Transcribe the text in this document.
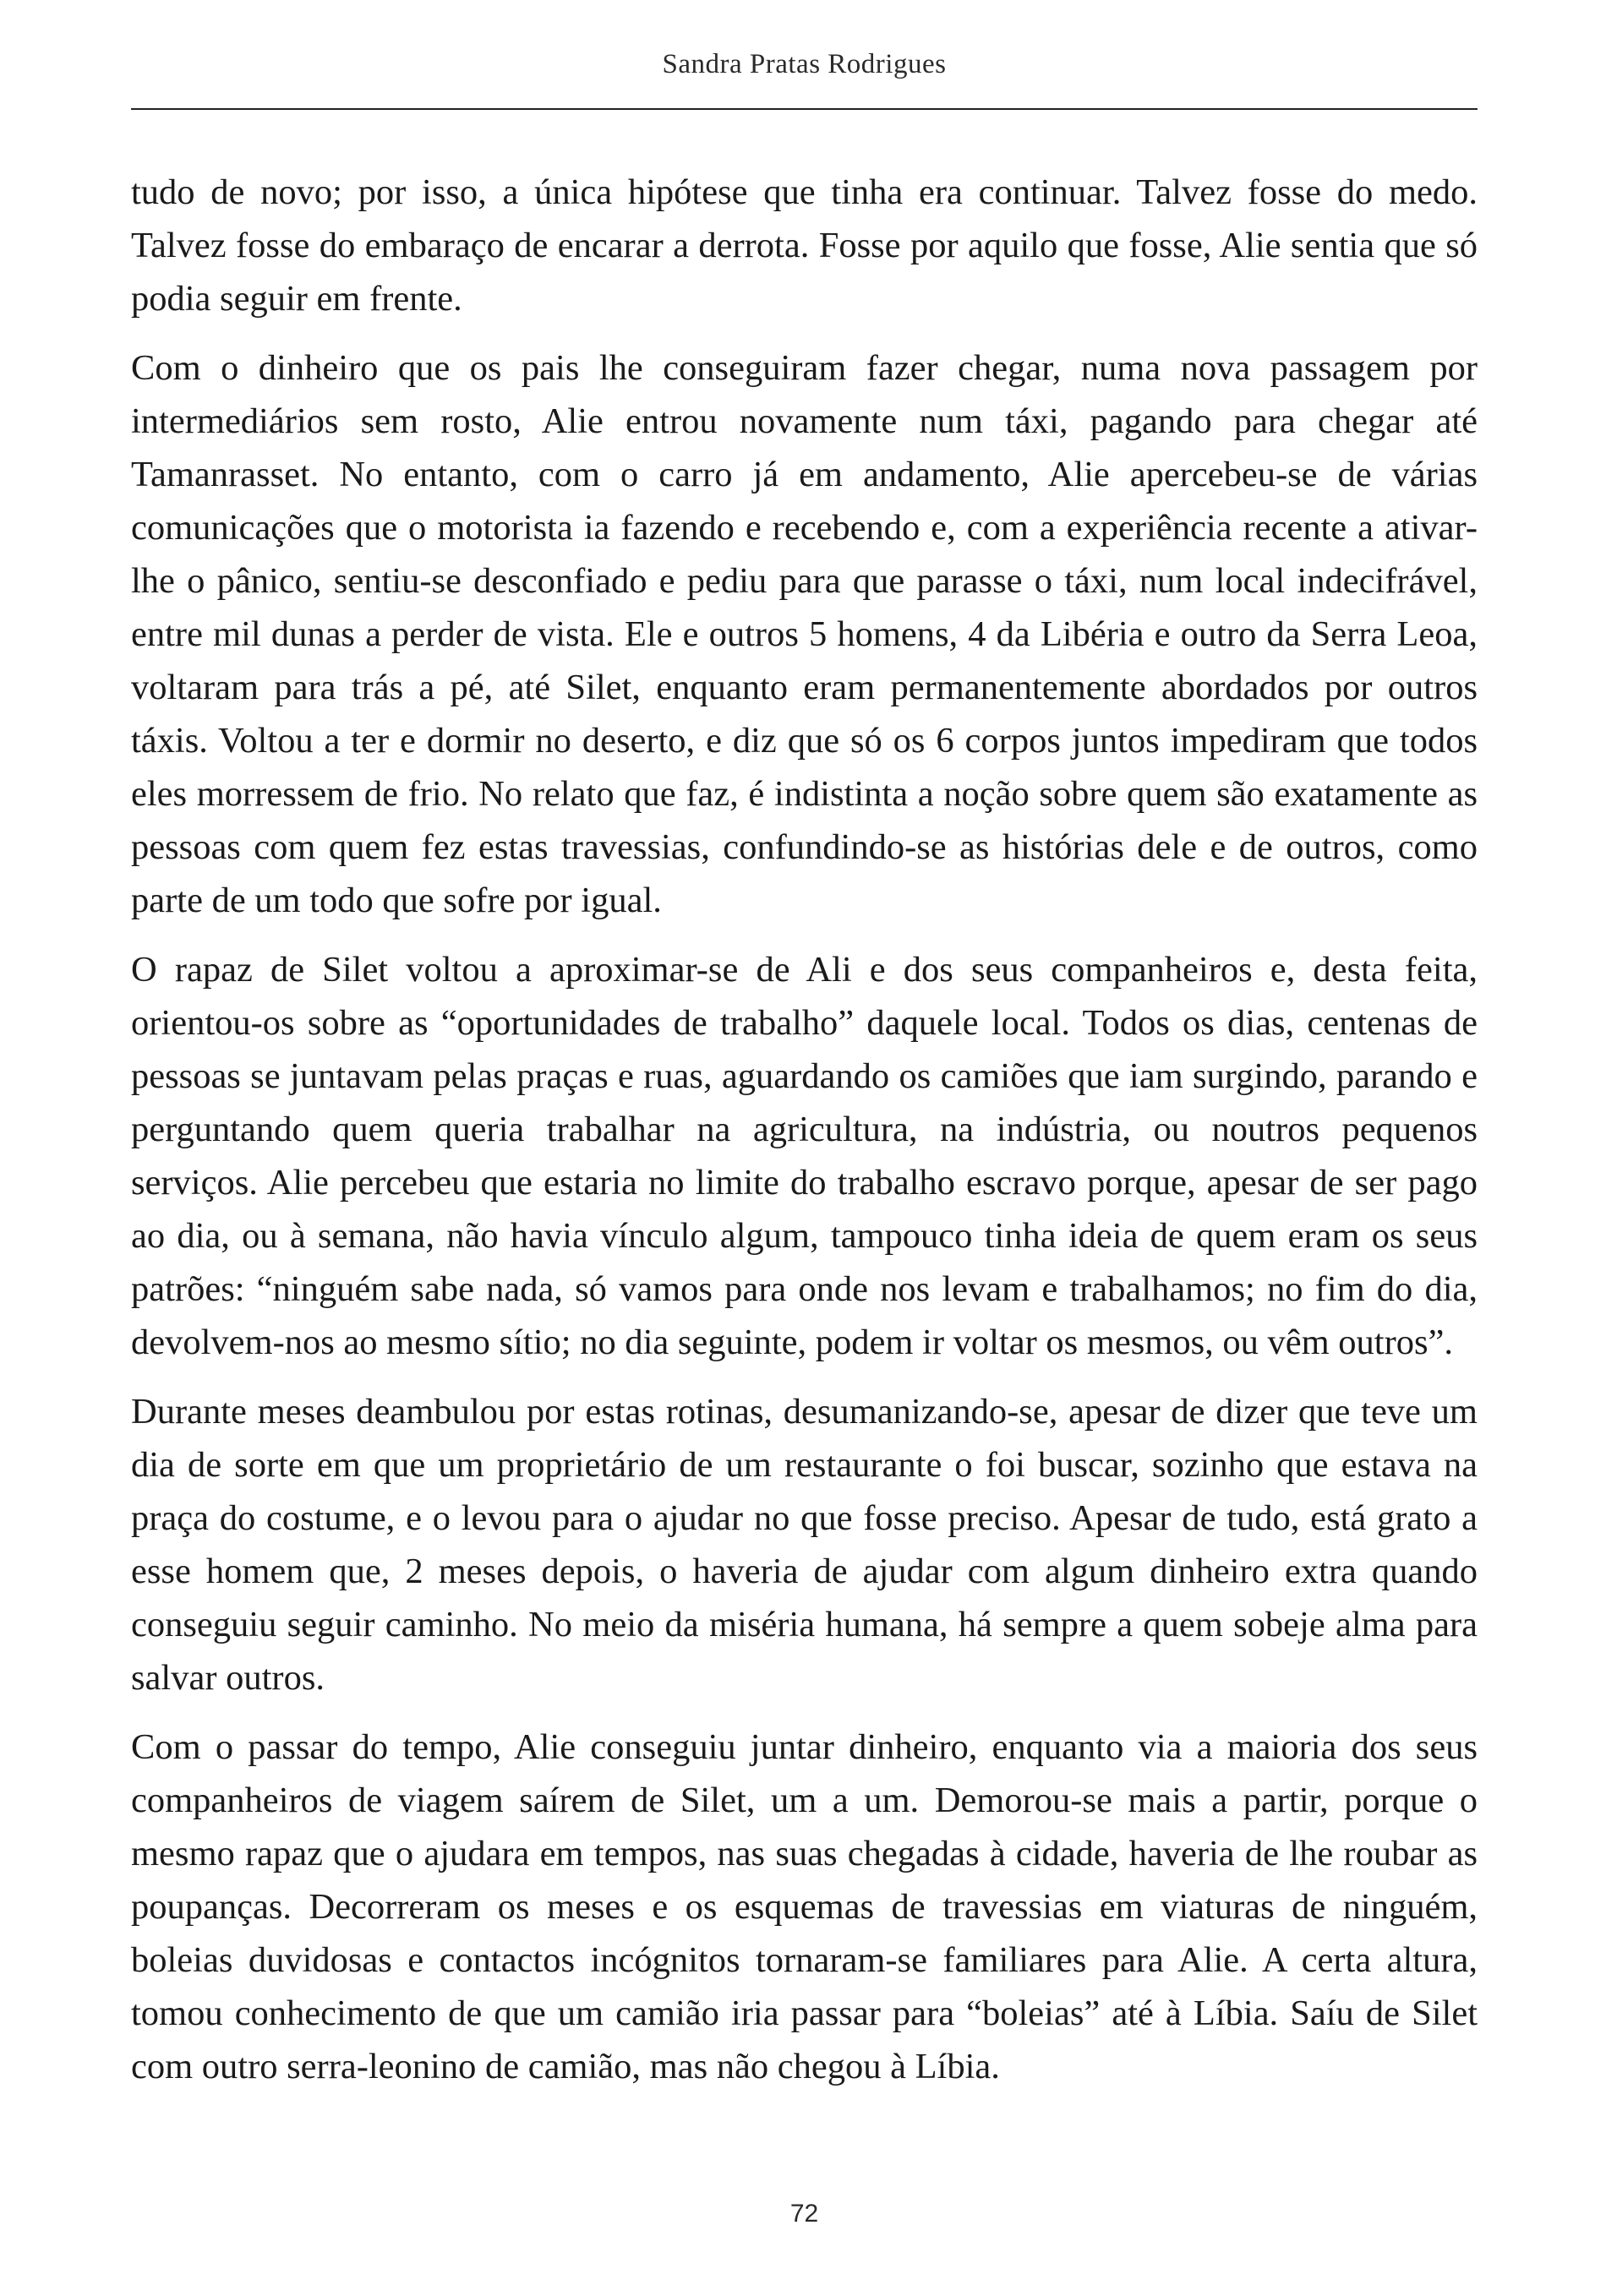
Sandra Pratas Rodrigues

tudo de novo; por isso, a única hipótese que tinha era continuar. Talvez fosse do medo. Talvez fosse do embaraço de encarar a derrota. Fosse por aquilo que fosse, Alie sentia que só podia seguir em frente.

Com o dinheiro que os pais lhe conseguiram fazer chegar, numa nova passagem por intermediários sem rosto, Alie entrou novamente num táxi, pagando para chegar até Tamanrasset. No entanto, com o carro já em andamento, Alie apercebeu-se de várias comunicações que o motorista ia fazendo e recebendo e, com a experiência recente a ativar-lhe o pânico, sentiu-se desconfiado e pediu para que parasse o táxi, num local indecifrável, entre mil dunas a perder de vista. Ele e outros 5 homens, 4 da Libéria e outro da Serra Leoa, voltaram para trás a pé, até Silet, enquanto eram permanentemente abordados por outros táxis. Voltou a ter e dormir no deserto, e diz que só os 6 corpos juntos impediram que todos eles morressem de frio. No relato que faz, é indistinta a noção sobre quem são exatamente as pessoas com quem fez estas travessias, confundindo-se as histórias dele e de outros, como parte de um todo que sofre por igual.

O rapaz de Silet voltou a aproximar-se de Ali e dos seus companheiros e, desta feita, orientou-os sobre as “oportunidades de trabalho” daquele local. Todos os dias, centenas de pessoas se juntavam pelas praças e ruas, aguardando os camiões que iam surgindo, parando e perguntando quem queria trabalhar na agricultura, na indústria, ou noutros pequenos serviços. Alie percebeu que estaria no limite do trabalho escravo porque, apesar de ser pago ao dia, ou à semana, não havia vínculo algum, tampouco tinha ideia de quem eram os seus patrões: “ninguém sabe nada, só vamos para onde nos levam e trabalhamos; no fim do dia, devolvem-nos ao mesmo sítio; no dia seguinte, podem ir voltar os mesmos, ou vêm outros”.

Durante meses deambulou por estas rotinas, desumanizando-se, apesar de dizer que teve um dia de sorte em que um proprietário de um restaurante o foi buscar, sozinho que estava na praça do costume, e o levou para o ajudar no que fosse preciso. Apesar de tudo, está grato a esse homem que, 2 meses depois, o haveria de ajudar com algum dinheiro extra quando conseguiu seguir caminho. No meio da miséria humana, há sempre a quem sobeje alma para salvar outros.

Com o passar do tempo, Alie conseguiu juntar dinheiro, enquanto via a maioria dos seus companheiros de viagem saírem de Silet, um a um. Demorou-se mais a partir, porque o mesmo rapaz que o ajudara em tempos, nas suas chegadas à cidade, haveria de lhe roubar as poupanças. Decorreram os meses e os esquemas de travessias em viaturas de ninguém, boleias duvidosas e contactos incógnitos tornaram-se familiares para Alie. A certa altura, tomou conhecimento de que um camião iria passar para “boleias” até à Líbia. Saíu de Silet com outro serra-leonino de camião, mas não chegou à Líbia.

72
